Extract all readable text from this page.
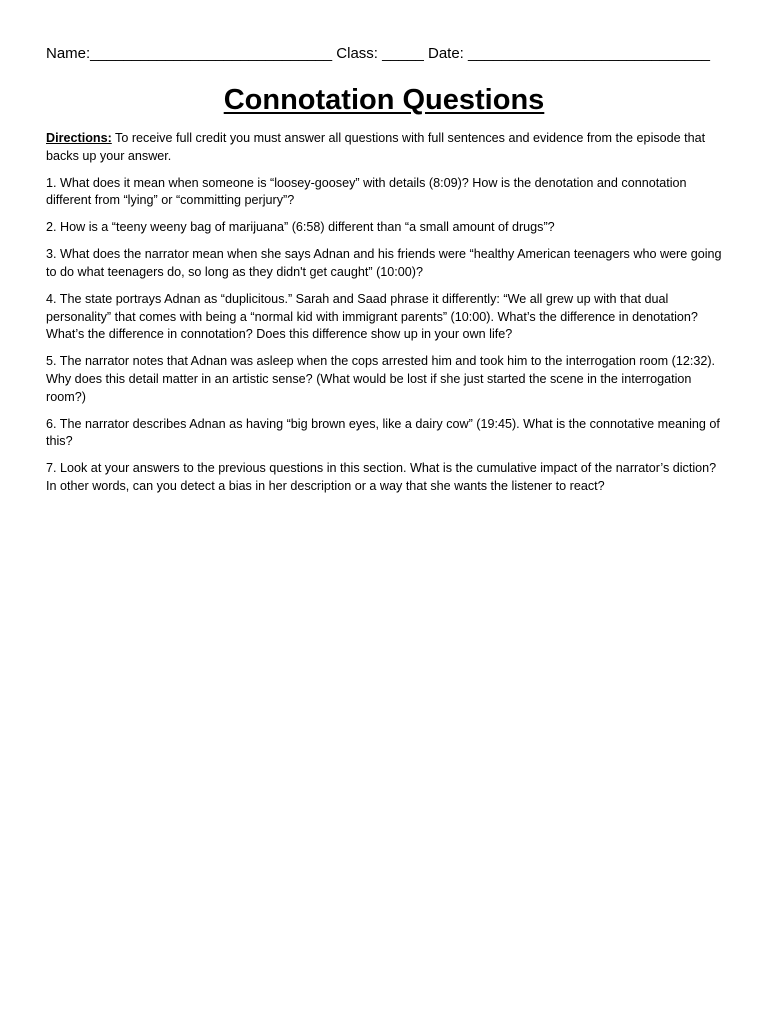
Name:_____________________________ Class: _____ Date: _____________________________

Connotation Questions

Directions: To receive full credit you must answer all questions with full sentences and evidence from the episode that backs up your answer.

1. What does it mean when someone is “loosey-goosey” with details (8:09)? How is the denotation and connotation different from “lying” or “committing perjury”?

2. How is a “teeny weeny bag of marijuana” (6:58) different than “a small amount of drugs”?

3. What does the narrator mean when she says Adnan and his friends were “healthy American teenagers who were going to do what teenagers do, so long as they didn't get caught” (10:00)?

4. The state portrays Adnan as “duplicitous.” Sarah and Saad phrase it differently: “We all grew up with that dual personality” that comes with being a “normal kid with immigrant parents” (10:00). What’s the difference in denotation? What’s the difference in connotation? Does this difference show up in your own life?

5. The narrator notes that Adnan was asleep when the cops arrested him and took him to the interrogation room (12:32). Why does this detail matter in an artistic sense? (What would be lost if she just started the scene in the interrogation room?)

6. The narrator describes Adnan as having “big brown eyes, like a dairy cow” (19:45). What is the connotative meaning of this?

7. Look at your answers to the previous questions in this section. What is the cumulative impact of the narrator’s diction? In other words, can you detect a bias in her description or a way that she wants the listener to react?
